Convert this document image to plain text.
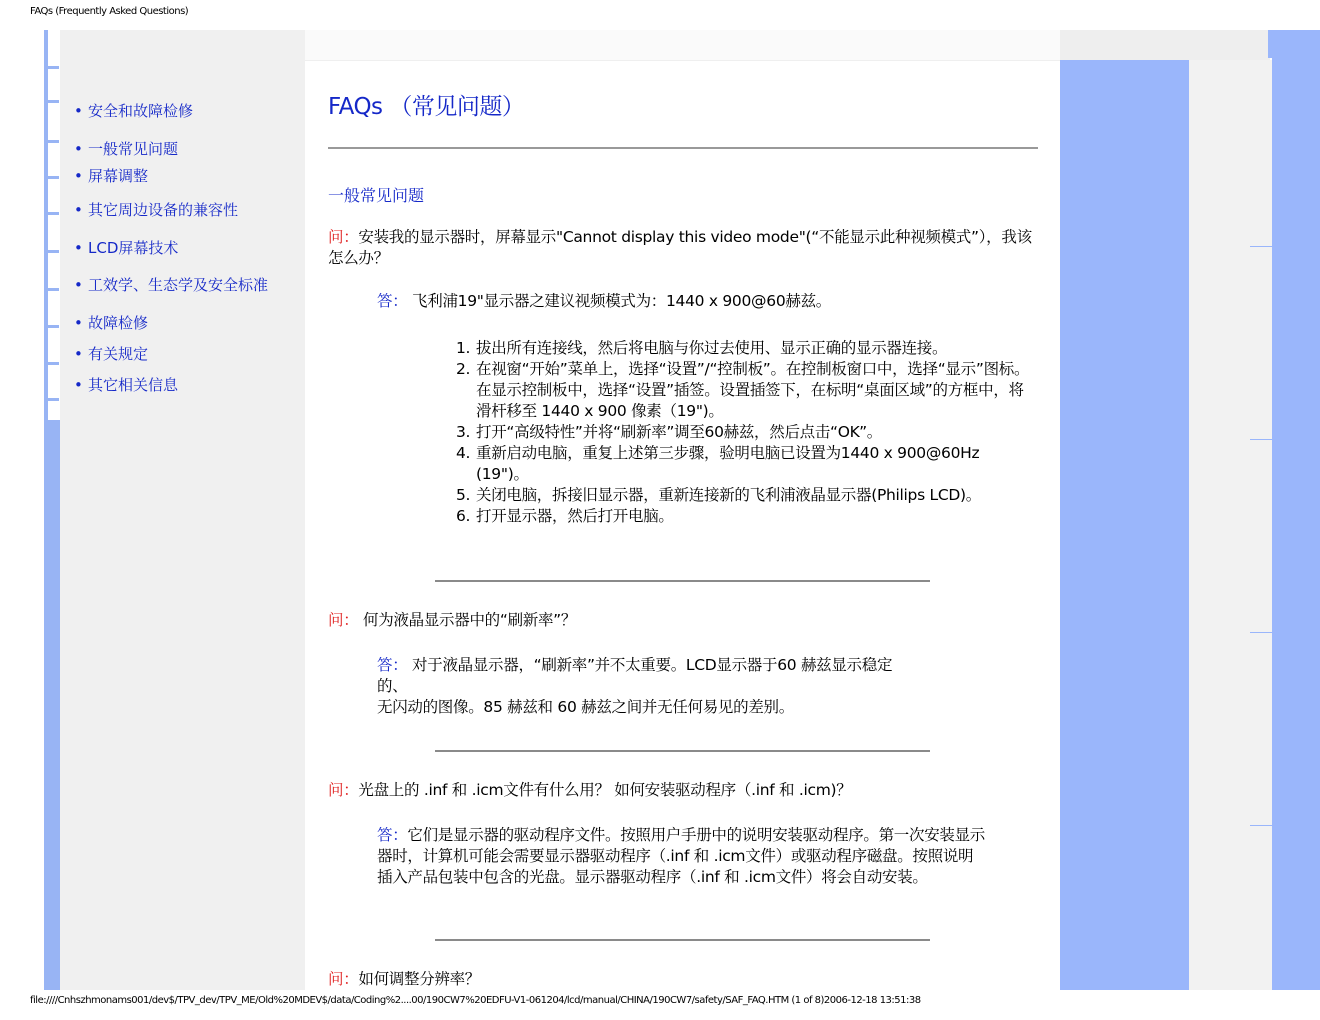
FAQs (Frequently Asked Questions)
• 安全和故障检修
• 一般常见问题
• 屏幕调整
• 其它周边设备的兼容性
• LCD屏幕技术
• 工效学、生态学及安全标准
• 故障检修
• 有关规定
• 其它相关信息
FAQs （常见问题）
一般常见问题
问：安装我的显示器时，屏幕显示"Cannot display this video mode"(“不能显示此种视频模式”），我该怎么办？
答： 飞利浦19"显示器之建议视频模式为：1440 x 900@60赫兹。
1. 拔出所有连接线，然后将电脑与你过去使用、显示正确的显示器连接。
2. 在视窗“开始”菜单上，选择“设置”/“控制板”。在控制板窗口中，选择“显示”图标。在显示控制板中，选择“设置”插签。设置插签下，在标明“桌面区域”的方框中，将滑杆移至 1440 x 900 像素（19")。
3. 打开“高级特性”并将“刷新率”调至60赫兹，然后点击“OK”。
4. 重新启动电脑，重复上述第三步骤，验明电脑已设置为1440 x 900@60Hz (19")。
5. 关闭电脑，拆接旧显示器，重新连接新的飞利浦液晶显示器(Philips LCD)。
6. 打开显示器，然后打开电脑。
问： 何为液晶显示器中的“刷新率”？
答： 对于液晶显示器，“刷新率”并不太重要。LCD显示器于60 赫兹显示稳定
的、
无闪动的图像。85 赫兹和 60 赫兹之间并无任何易见的差别。
问：光盘上的 .inf 和 .icm文件有什么用？ 如何安装驱动程序（.inf 和 .icm)？
答：它们是显示器的驱动程序文件。按照用户手册中的说明安装驱动程序。第一次安装显示器时，计算机可能会需要显示器驱动程序（.inf 和 .icm文件）或驱动程序磁盘。按照说明插入产品包装中包含的光盘。显示器驱动程序（.inf 和 .icm文件）将会自动安装。
问：如何调整分辨率？
file:////Cnhszhmonams001/dev$/TPV_dev/TPV_ME/Old%20MDEV$/data/Coding%2....00/190CW7%20EDFU-V1-061204/lcd/manual/CHINA/190CW7/safety/SAF_FAQ.HTM (1 of 8)2006-12-18 13:51:38
